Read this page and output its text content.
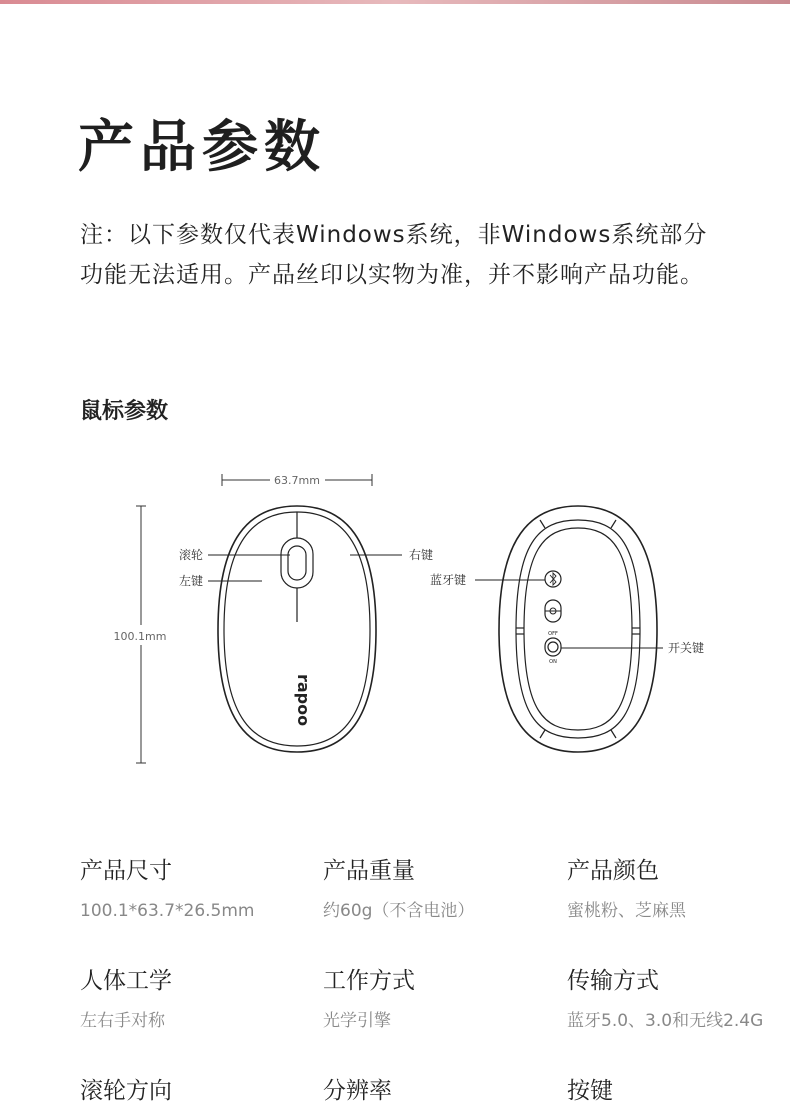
产品参数

注：以下参数仅代表Windows系统，非Windows系统部分功能无法适用。产品丝印以实物为准，并不影响产品功能。

鼠标参数
63.7mm
100.1mm
rapoo
滚轮
左键
右键
OFF
ON
蓝牙键
开关键
产品尺寸
100.1*63.7*26.5mm
产品重量
约60g（不含电池）
产品颜色
蜜桃粉、芝麻黑
人体工学
左右手对称
工作方式
光学引擎
传输方式
蓝牙5.0、3.0和无线2.4G
滚轮方向	分辨率	按键
